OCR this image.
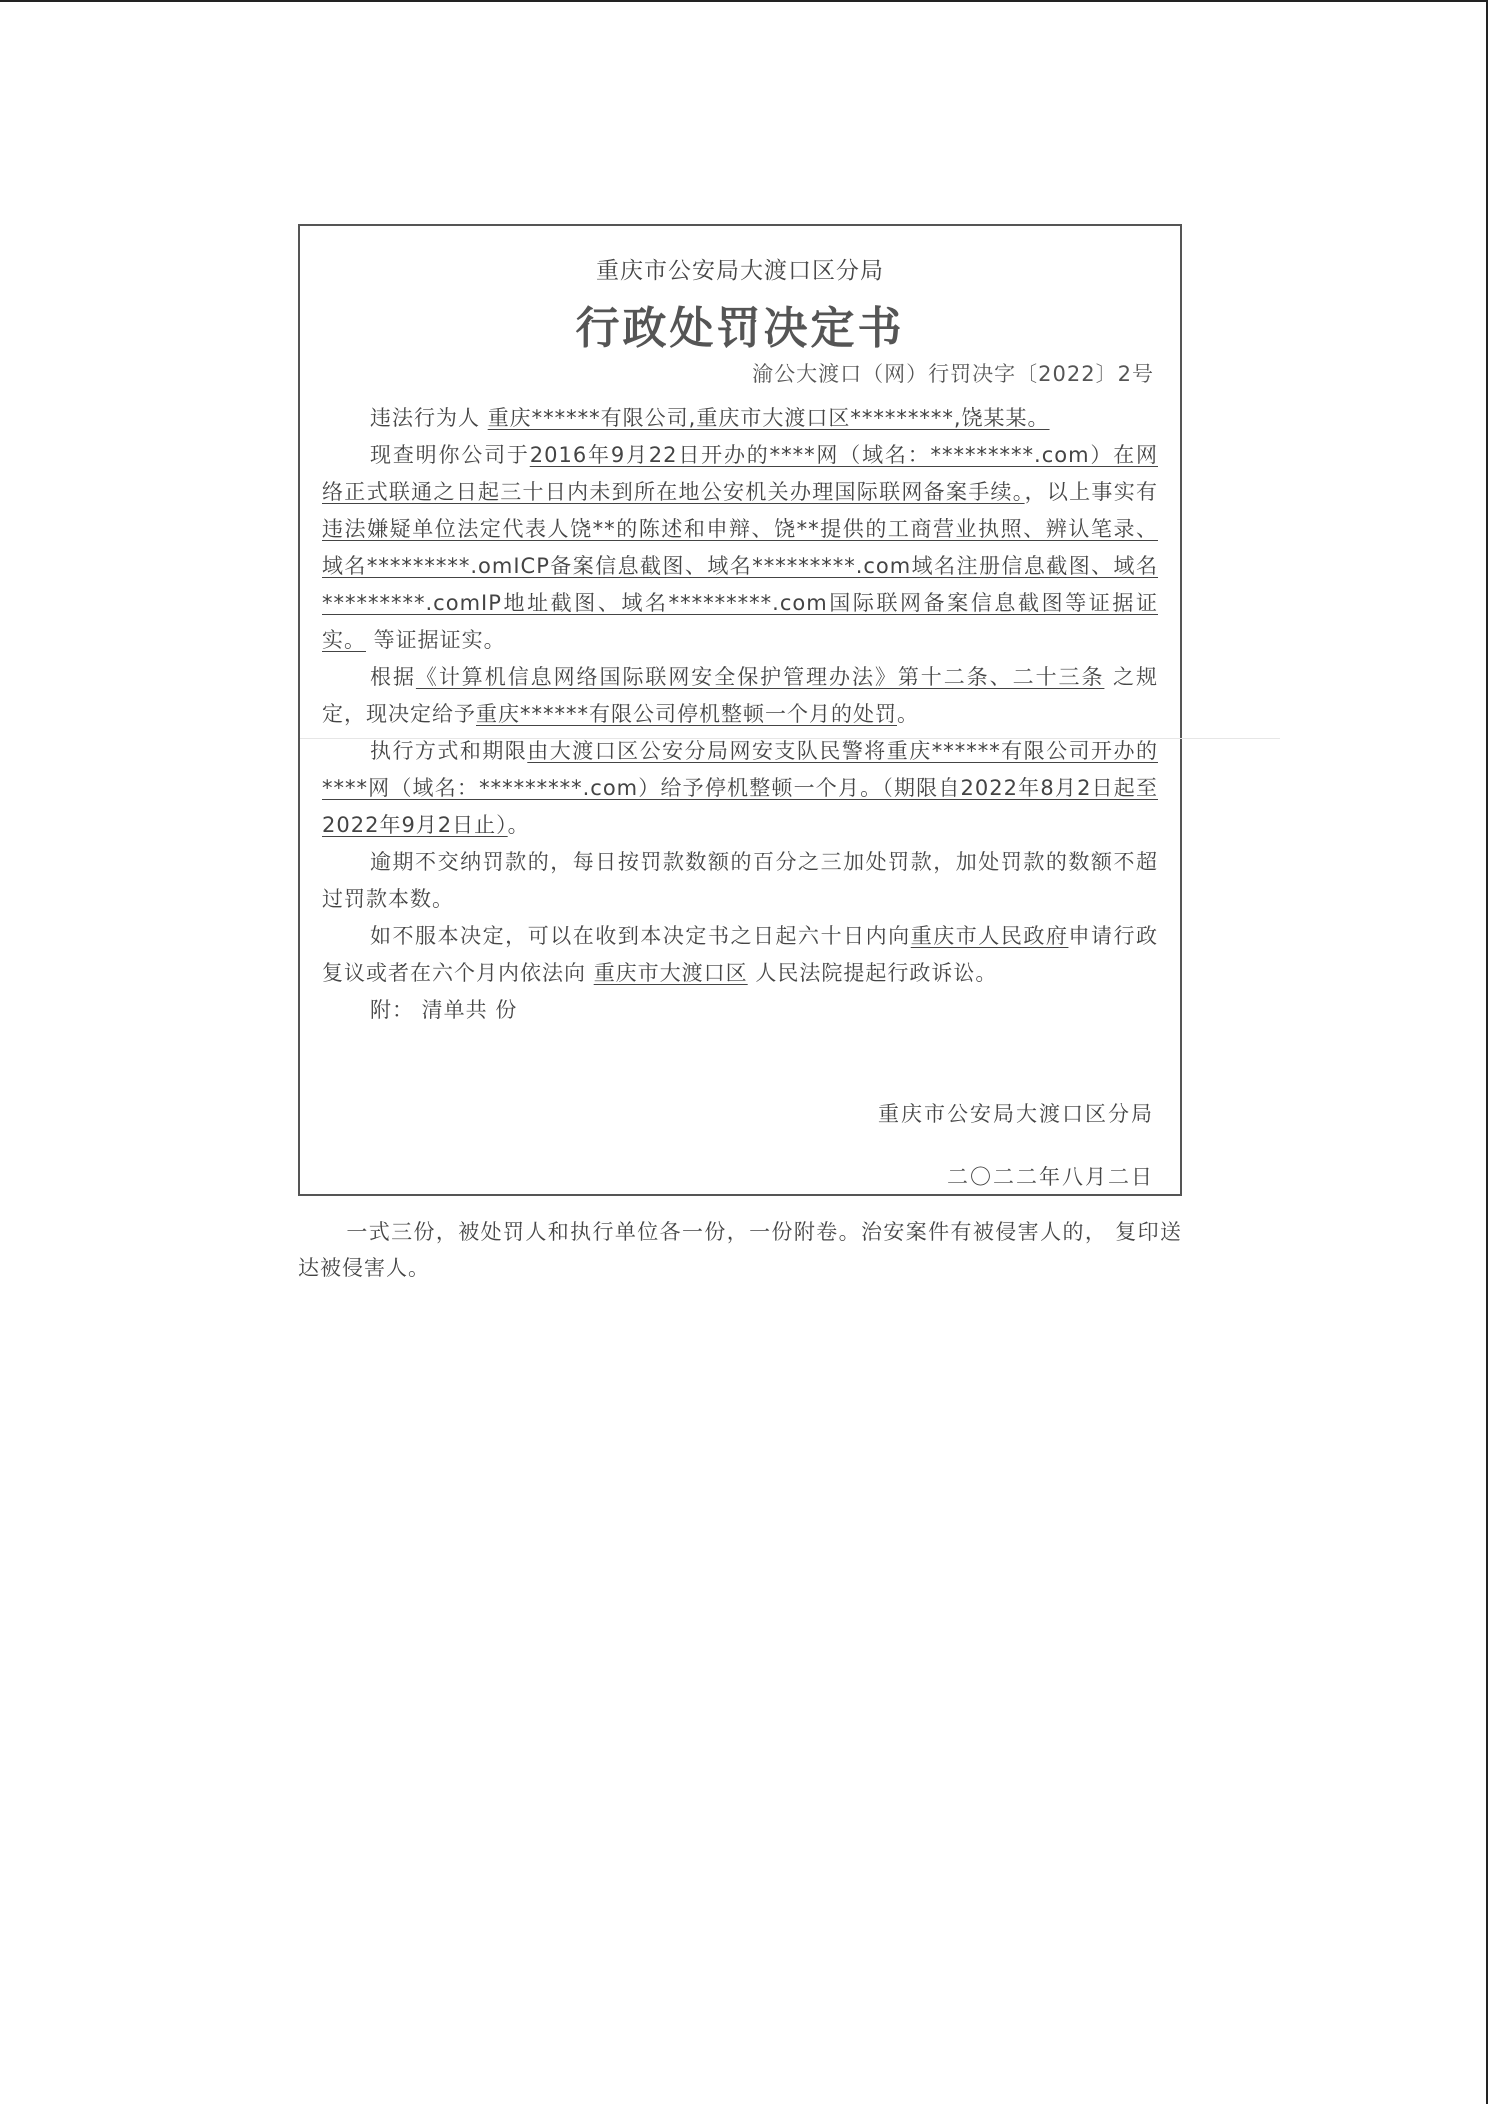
重庆市公安局大渡口区分局
行政处罚决定书
渝公大渡口（网）行罚决字〔2022〕2号

违法行为人 重庆******有限公司,重庆市大渡口区*********,饶某某。

现查明你公司于2016年9月22日开办的****网（域名：*********.com）在网络正式联通之日起三十日内未到所在地公安机关办理国际联网备案手续。，以上事实有违法嫌疑单位法定代表人饶**的陈述和申辩、饶**提供的工商营业执照、辨认笔录、域名*********.omICP备案信息截图、域名*********.com域名注册信息截图、域名*********.comIP地址截图、域名*********.com国际联网备案信息截图等证据证实。 等证据证实。

根据《计算机信息网络国际联网安全保护管理办法》第十二条、二十三条 之规定，现决定给予重庆******有限公司停机整顿一个月的处罚。

执行方式和期限由大渡口区公安分局网安支队民警将重庆******有限公司开办的****网（域名：*********.com）给予停机整顿一个月。（期限自2022年8月2日起至2022年9月2日止）。

逾期不交纳罚款的，每日按罚款数额的百分之三加处罚款，加处罚款的数额不超过罚款本数。

如不服本决定，可以在收到本决定书之日起六十日内向重庆市人民政府申请行政复议或者在六个月内依法向 重庆市大渡口区 人民法院提起行政诉讼。

附： 清单共 份

重庆市公安局大渡口区分局
二〇二二年八月二日
一式三份，被处罚人和执行单位各一份，一份附卷。治安案件有被侵害人的， 复印送达被侵害人。
